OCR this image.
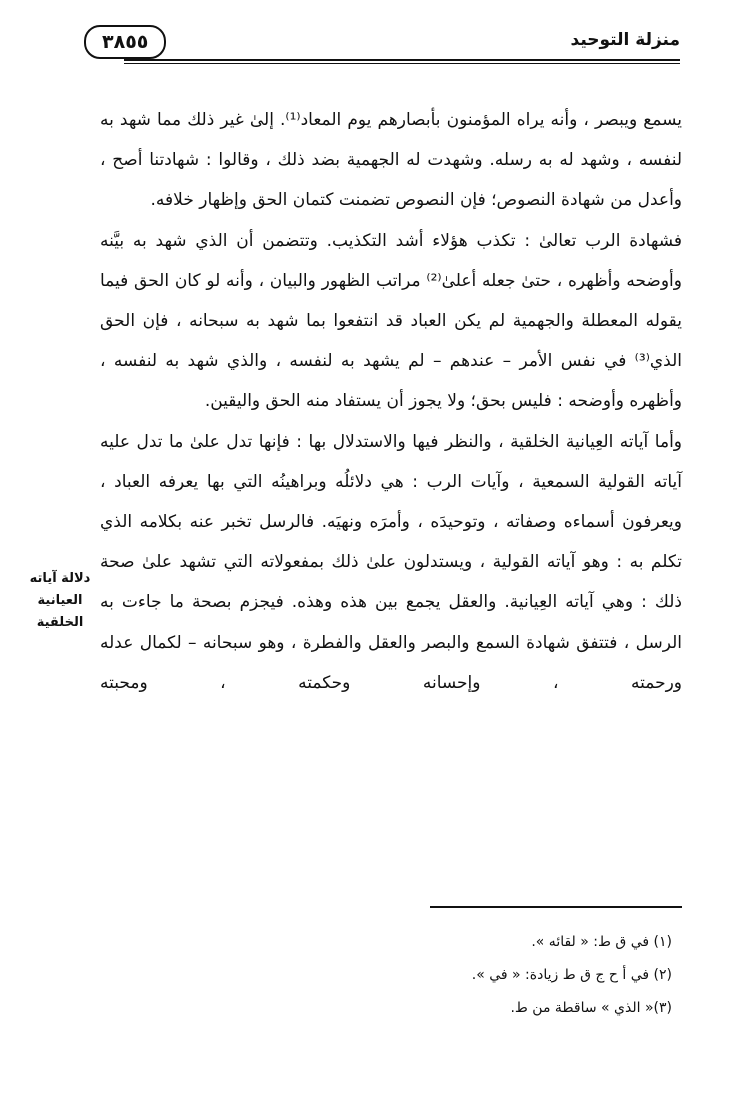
منزلة التوحيد
٣٨٥٥

يسمع ويبصر ، وأنه يراه المؤمنون بأبصارهم يوم المعاد⁽¹⁾. إلىٰ غير ذلك مما شهد به لنفسه ، وشهد له به رسله. وشهدت له الجهمية بضد ذلك ، وقالوا : شهادتنا أصح ، وأعدل من شهادة النصوص؛ فإن النصوص تضمنت كتمان الحق وإظهار خلافه.

فشهادة الرب تعالىٰ : تكذب هؤلاء أشد التكذيب. وتتضمن أن الذي شهد به بيَّنه وأوضحه وأظهره ، حتىٰ جعله أعلىٰ⁽²⁾ مراتب الظهور والبيان ، وأنه لو كان الحق فيما يقوله المعطلة والجهمية لم يكن العباد قد انتفعوا بما شهد به سبحانه ، فإن الحق الذي⁽³⁾ في نفس الأمر – عندهم – لم يشهد به لنفسه ، والذي شهد به لنفسه ، وأظهره وأوضحه : فليس بحق؛ ولا يجوز أن يستفاد منه الحق واليقين.

وأما آياته العِيانية الخلقية ، والنظر فيها والاستدلال بها : فإنها تدل علىٰ ما تدل عليه آياته القولية السمعية ، وآيات الرب : هي دلائلُه وبراهينُه التي بها يعرفه العباد ، ويعرفون أسماءه وصفاته ، وتوحيدَه ، وأمرَه ونهيَه. فالرسل تخبر عنه بكلامه الذي تكلم به : وهو آياته القولية ، ويستدلون علىٰ ذلك بمفعولاته التي تشهد علىٰ صحة ذلك : وهي آياته العِيانية. والعقل يجمع بين هذه وهذه. فيجزم بصحة ما جاءت به الرسل ، فتتفق شهادة السمع والبصر والعقل والفطرة ، وهو سبحانه – لكمال عدله ورحمته ، وإحسانه وحكمته ، ومحبته

دلالة آياته
العيانية
الخلقية

(١) في ق ط: « لقائه ».

(٢) في أ ح ج ق ط زيادة: « في ».

(٣)« الذي » ساقطة من ط.
